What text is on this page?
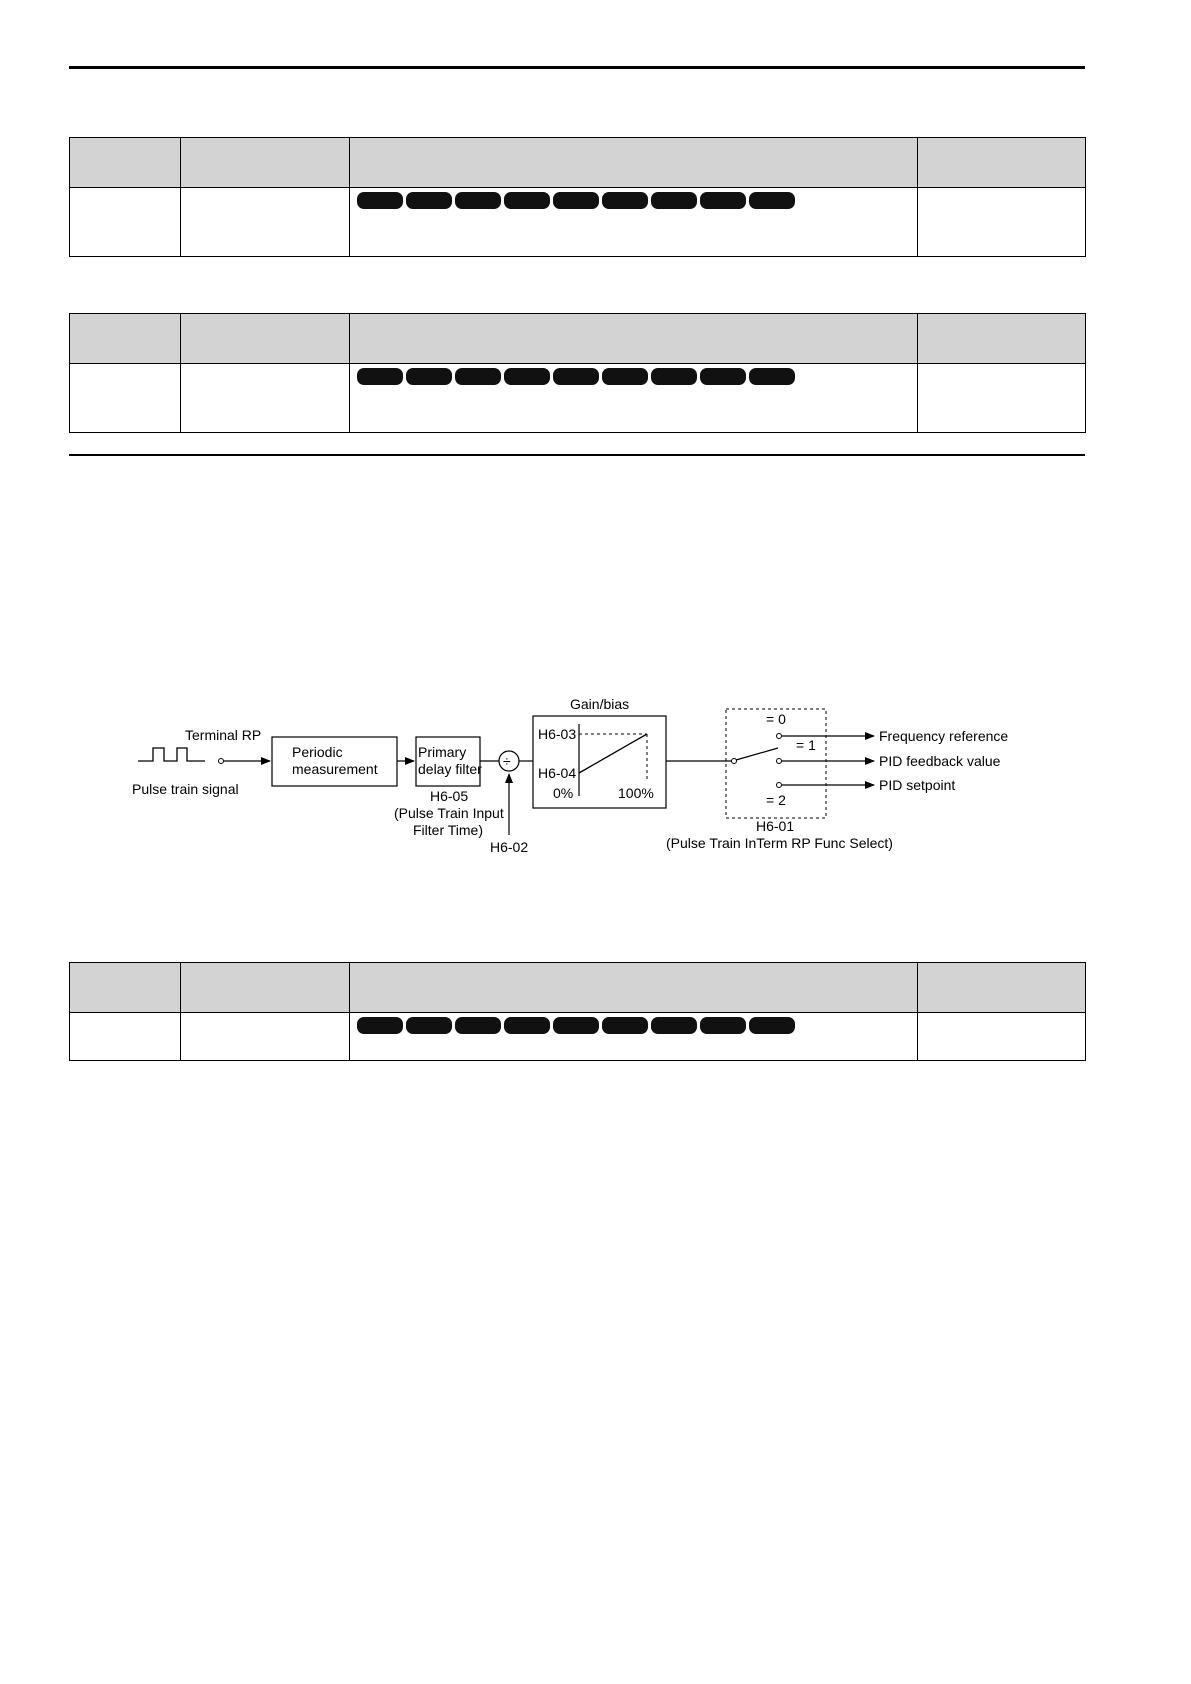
Terminal RP
Pulse train signal
Periodic
measurement
Primary
delay filter
H6-05
(Pulse Train Input
Filter Time)
÷
H6-02
Gain/bias
H6-03
H6-04
0%	100%
= 0
= 1
= 2
Frequency reference
PID feedback value
PID setpoint
H6-01
(Pulse Train InTerm RP Func Select)
